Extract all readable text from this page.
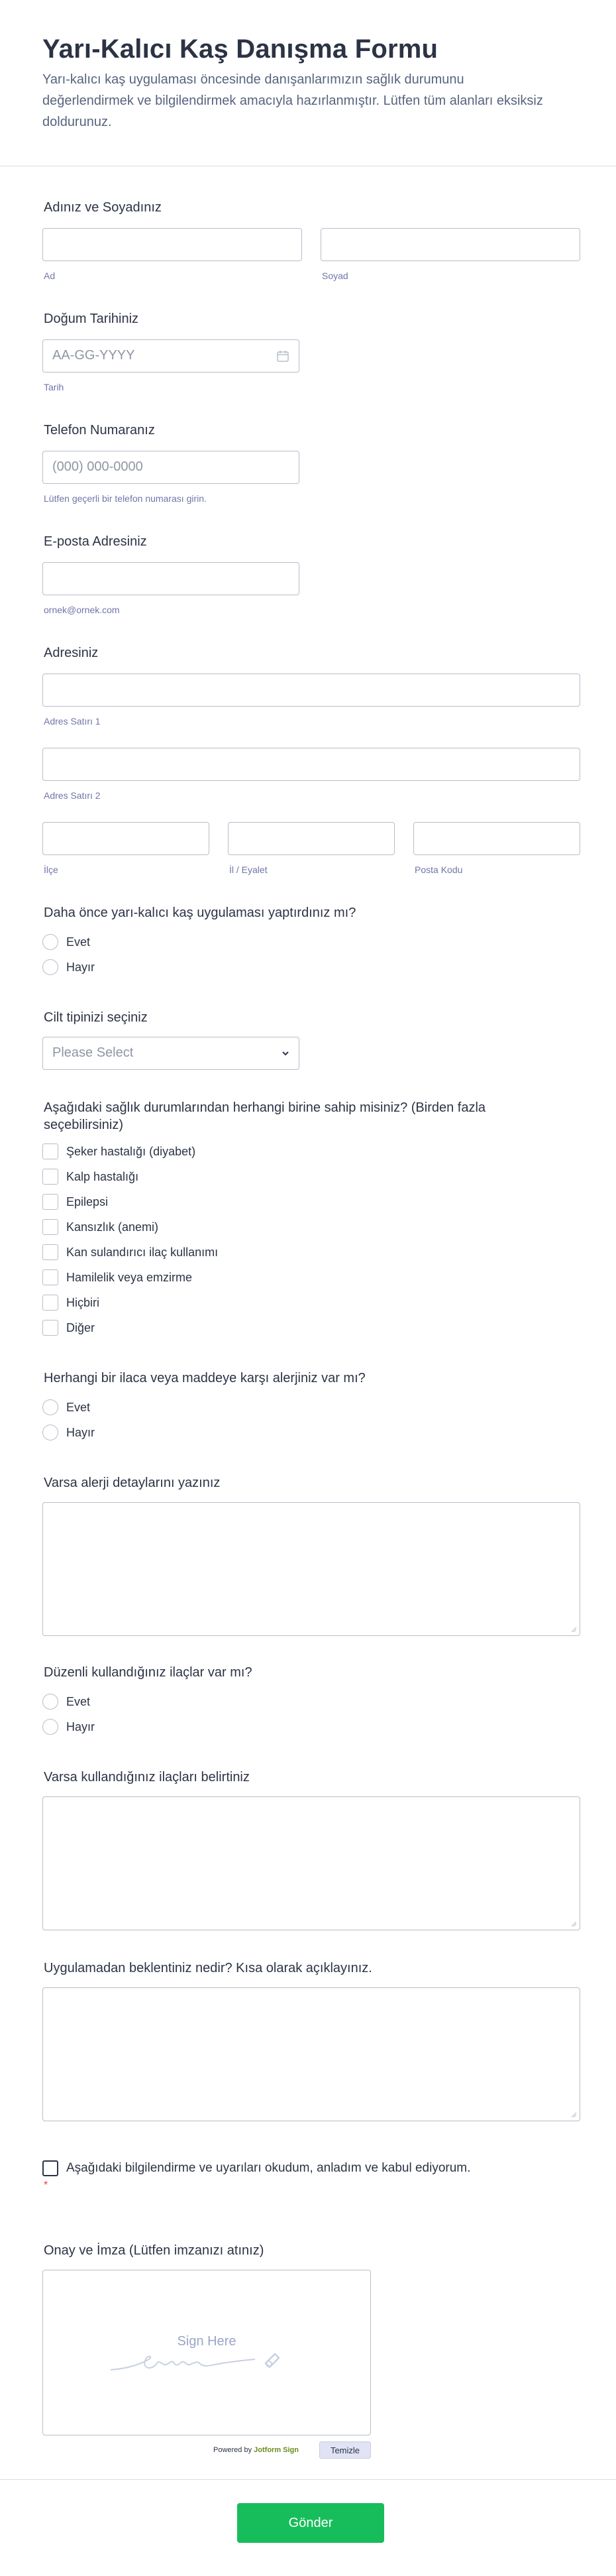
Yarı-Kalıcı Kaş Danışma Formu
Yarı-kalıcı kaş uygulaması öncesinde danışanlarımızın sağlık durumunu değerlendirmek ve bilgilendirmek amacıyla hazırlanmıştır. Lütfen tüm alanları eksiksiz doldurunuz.
Adınız ve Soyadınız
Ad	Soyad
Doğum Tarihiniz
AA-GG-YYYY
Tarih
Telefon Numaranız
(000) 000-0000
Lütfen geçerli bir telefon numarası girin.
E-posta Adresiniz
ornek@ornek.com
Adresiniz
Adres Satırı 1
Adres Satırı 2
İlçe	İl / Eyalet	Posta Kodu
Daha önce yarı-kalıcı kaş uygulaması yaptırdınız mı?
Evet
Hayır
Cilt tipinizi seçiniz
Please Select
Aşağıdaki sağlık durumlarından herhangi birine sahip misiniz? (Birden fazla seçebilirsiniz)
Şeker hastalığı (diyabet)
Kalp hastalığı
Epilepsi
Kansızlık (anemi)
Kan sulandırıcı ilaç kullanımı
Hamilelik veya emzirme
Hiçbiri
Diğer
Herhangi bir ilaca veya maddeye karşı alerjiniz var mı?
Evet
Hayır
Varsa alerji detaylarını yazınız
Düzenli kullandığınız ilaçlar var mı?
Evet
Hayır
Varsa kullandığınız ilaçları belirtiniz
Uygulamadan beklentiniz nedir? Kısa olarak açıklayınız.
Aşağıdaki bilgilendirme ve uyarıları okudum, anladım ve kabul ediyorum.
*
Onay ve İmza (Lütfen imzanızı atınız)
Sign Here
Powered by Jotform Sign	Temizle
Gönder
